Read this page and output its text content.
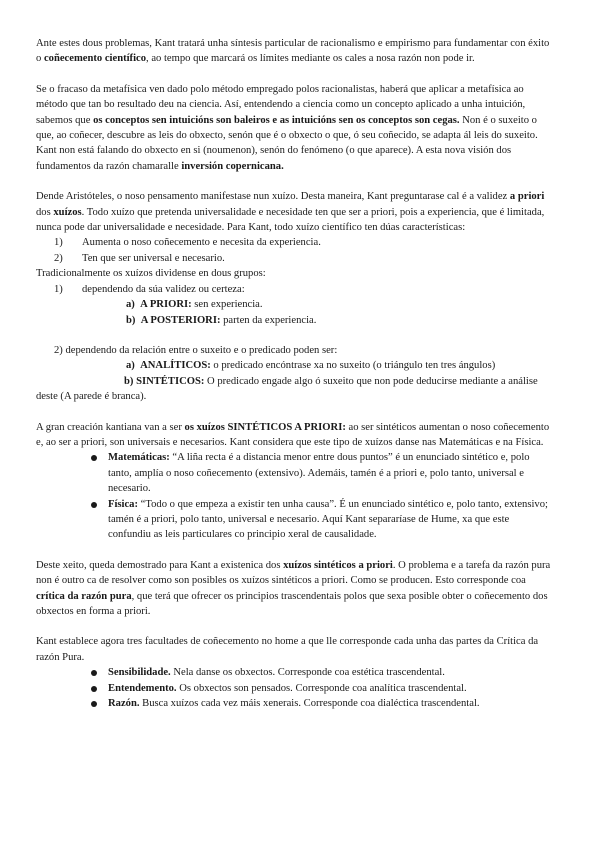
Ante estes dous problemas, Kant tratará unha síntesis particular de racionalismo e empirismo para fundamentar con éxito o coñecemento científico, ao tempo que marcará os límites mediante os cales a nosa razón non pode ir.

Se o fracaso da metafísica ven dado polo método empregado polos racionalistas, haberá que aplicar a metafísica ao método que tan bo resultado deu na ciencia. Así, entendendo a ciencia como un concepto aplicado a unha intuición, sabemos que os conceptos sen intuicións son baleiros e as intuicións sen os conceptos son cegas. Non é o suxeito o que, ao coñecer, descubre as leis do obxecto, senón que é o obxecto o que, ó seu coñecido, se adapta ál leis do suxeito. Kant non está falando do obxecto en si (noumenon), senón do fenómeno (o que aparece). A esta nova visión dos fundamentos da razón chamaralle inversión copernicana.

Dende Aristóteles, o noso pensamento manifestase nun xuízo. Desta maneira, Kant preguntarase cal é a validez a priori dos xuízos. Todo xuízo que pretenda universalidade e necesidade ten que ser a priori, pois a experiencia, que é limitada, nunca pode dar universalidade e necesidade. Para Kant, todo xuízo científico ten dúas características:

1)	Aumenta o noso coñecemento e necesita da experiencia.
2)	Ten que ser universal e necesario.

Tradicionalmente os xuízos dividense en dous grupos:

1)	dependendo da súa validez ou certeza:

a) A PRIORI: sen experiencia.

b) A POSTERIORI: parten da experiencia.

2) dependendo da relación entre o suxeito e o predicado poden ser:

a) ANALÍTICOS: o predicado encóntrase xa no suxeito (o triángulo ten tres ángulos)

b) SINTÉTICOS: O predicado engade algo ó suxeito que non pode deducirse mediante a análise

deste (A parede é branca).

A gran creación kantiana van a ser os xuízos SINTÉTICOS A PRIORI: ao ser sintéticos aumentan o noso coñecemento e, ao ser a priori, son universais e necesarios. Kant considera que este tipo de xuízos danse nas Matemáticas e na Física.

Matemáticas: “A liña recta é a distancia menor entre dous puntos” é un enunciado sintético e, polo tanto, amplía o noso coñecemento (extensivo). Ademáis, tamén é a priori e, polo tanto, universal e necesario.
Física: “Todo o que empeza a existir ten unha causa”. É un enunciado sintético e, polo tanto, extensivo; tamén é a priori, polo tanto, universal e necesario. Aquí Kant separaríase de Hume, xa que este confundiu as leis particulares co principio xeral de causalidade.

Deste xeito, queda demostrado para Kant a existenica dos xuízos sintéticos a priori. O problema e a tarefa da razón pura non é outro ca de resolver como son posibles os xuízos sintéticos a priori. Como se producen. Esto corresponde coa crítica da razón pura, que terá que ofrecer os principios trascendentais polos que sexa posible obter o coñecemento dos obxectos en forma a priori.

Kant establece agora tres facultades de coñecemento no home a que lle corresponde cada unha das partes da Crítica da razón Pura.

Sensibilidade. Nela danse os obxectos. Corresponde coa estética trascendental.
Entendemento. Os obxectos son pensados. Corresponde coa analítica trascendental.
Razón. Busca xuízos cada vez máis xenerais. Corresponde coa dialéctica trascendental.
